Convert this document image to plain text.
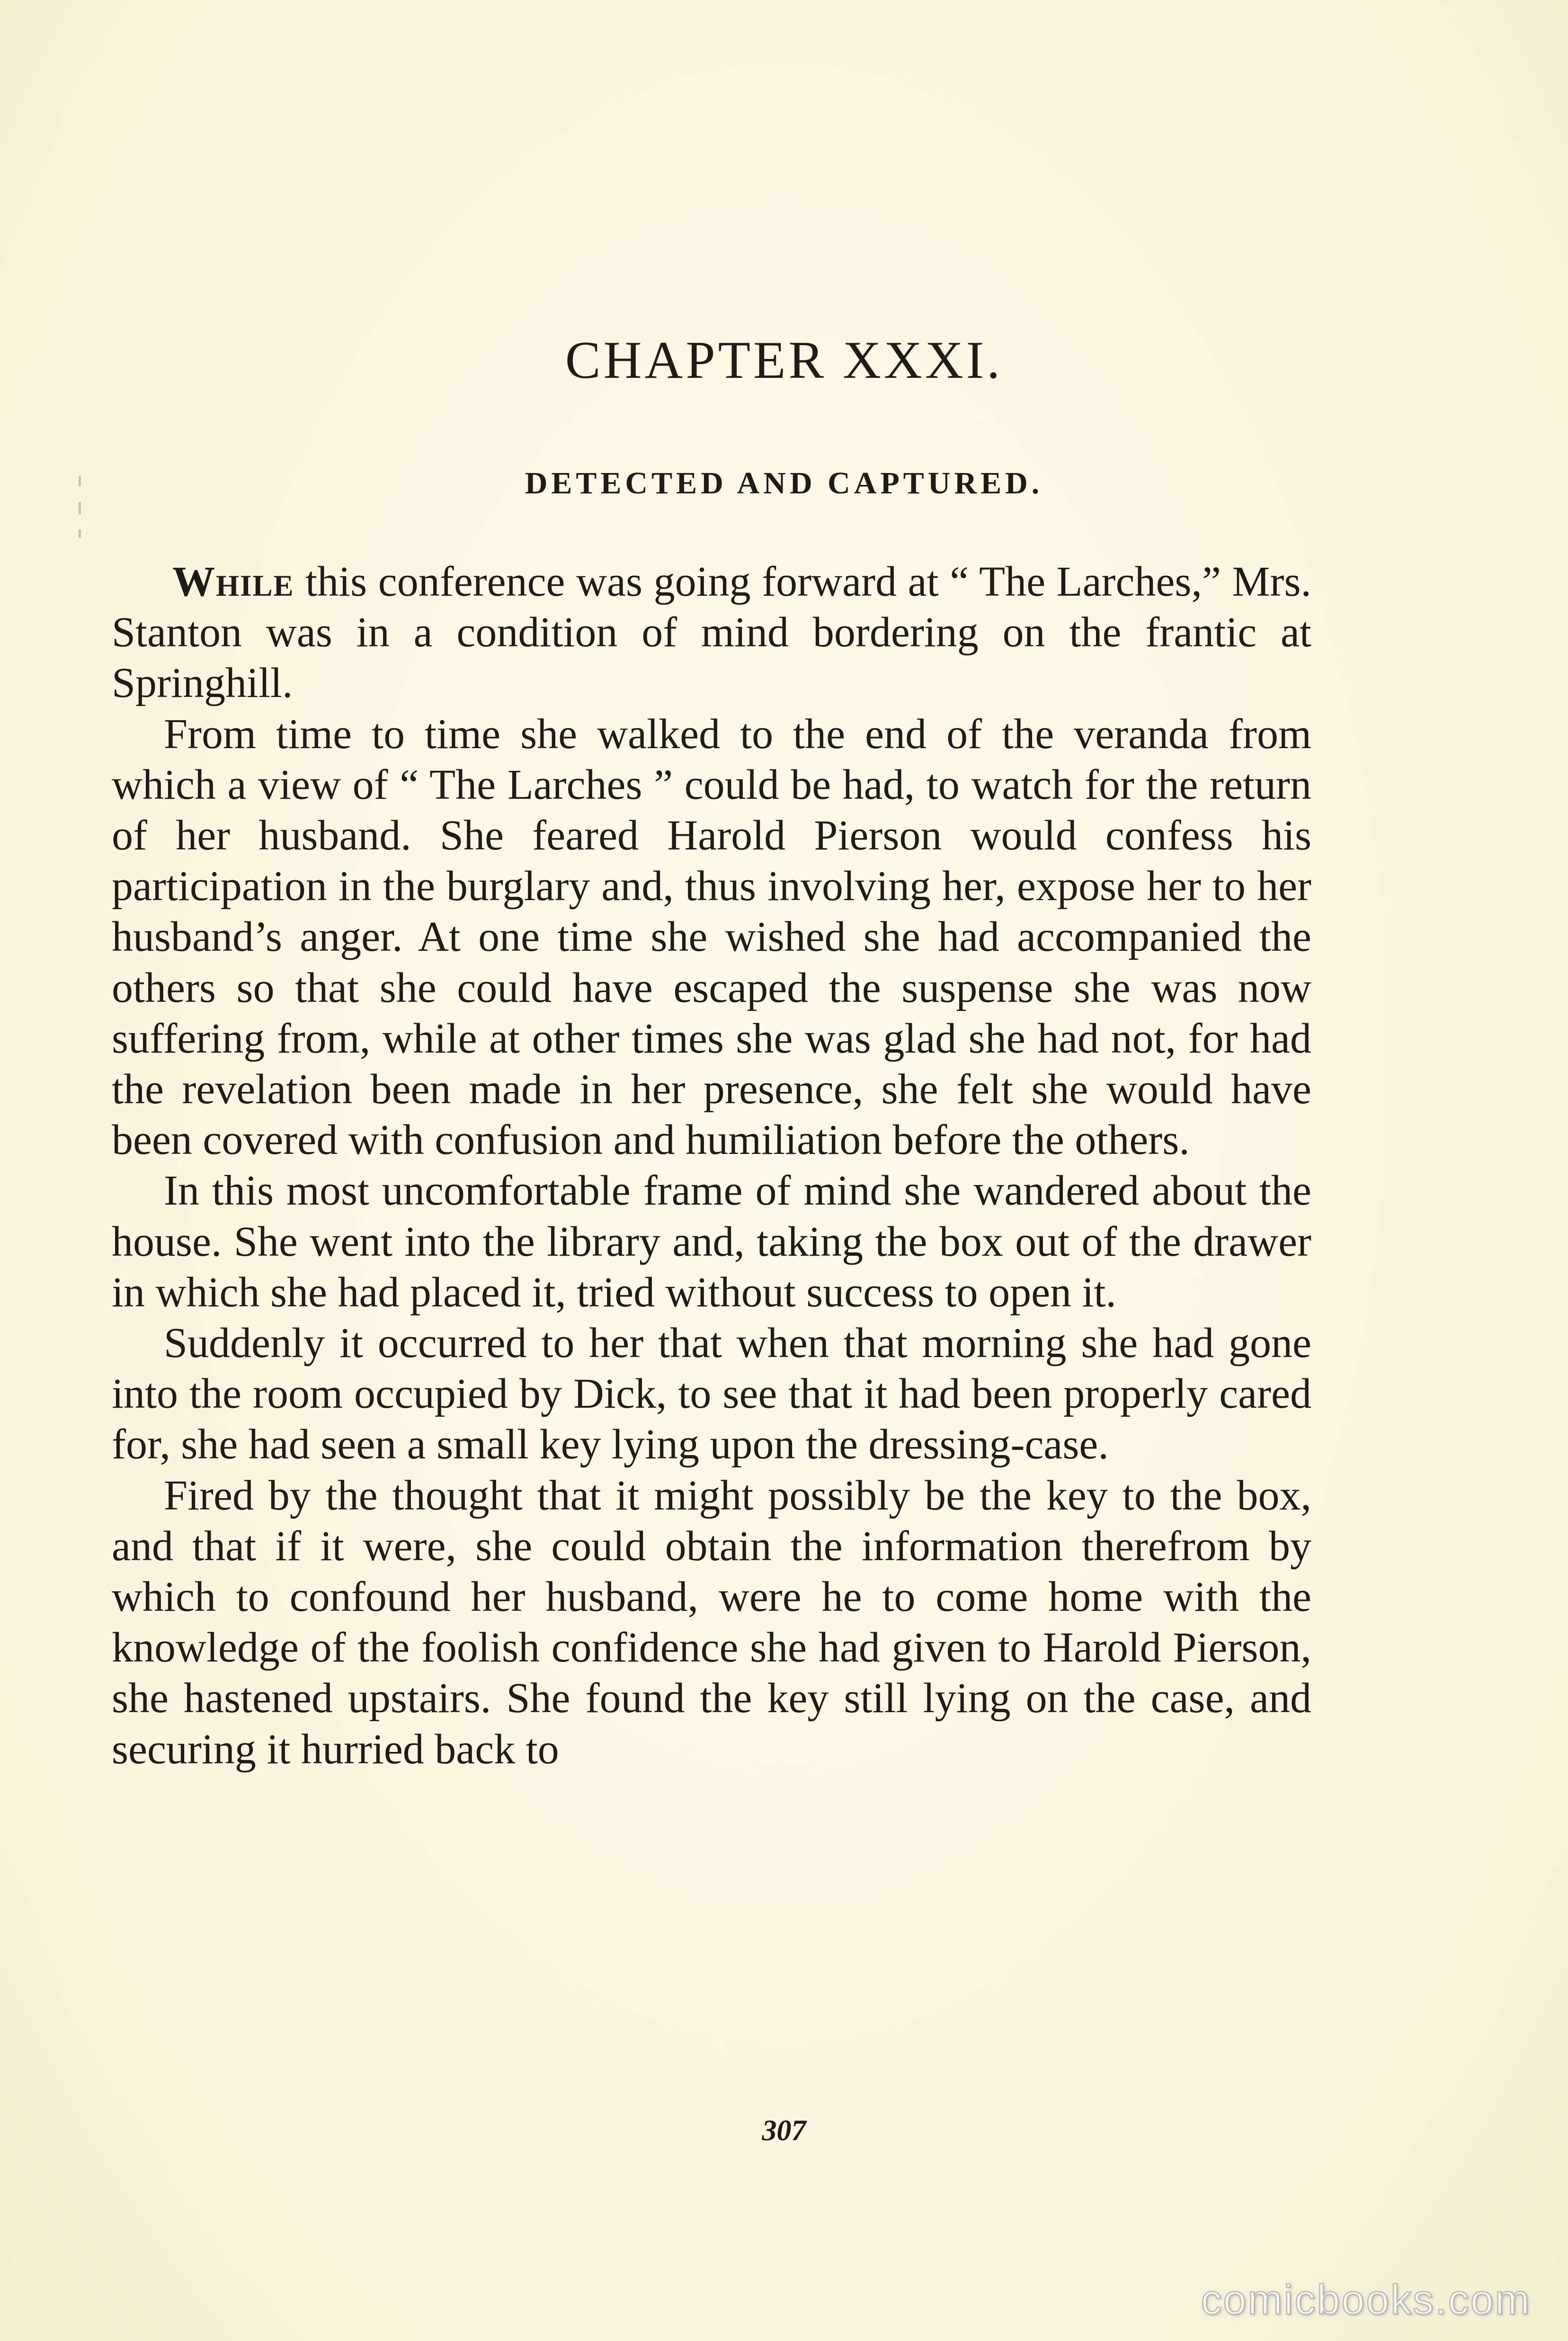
CHAPTER XXXI.
DETECTED AND CAPTURED.

While this conference was going forward at “ The Larches,” Mrs. Stanton was in a condition of mind bordering on the frantic at Springhill.

From time to time she walked to the end of the veranda from which a view of “ The Larches ” could be had, to watch for the return of her husband. She feared Harold Pierson would confess his participation in the burglary and, thus involving her, expose her to her husband’s anger. At one time she wished she had accompanied the others so that she could have escaped the suspense she was now suffering from, while at other times she was glad she had not, for had the revelation been made in her presence, she felt she would have been covered with confusion and humiliation before the others.

In this most uncomfortable frame of mind she wandered about the house. She went into the library and, taking the box out of the drawer in which she had placed it, tried without success to open it.

Suddenly it occurred to her that when that morning she had gone into the room occupied by Dick, to see that it had been properly cared for, she had seen a small key lying upon the dressing-case.

Fired by the thought that it might possibly be the key to the box, and that if it were, she could obtain the information therefrom by which to confound her husband, were he to come home with the knowledge of the foolish confidence she had given to Harold Pierson, she hastened upstairs. She found the key still lying on the case, and securing it hurried back to

307
comicbooks.com
